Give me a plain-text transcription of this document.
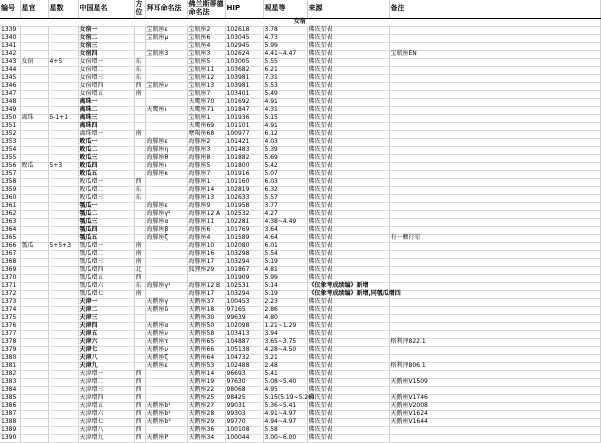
编号	星官	星数	中国星名	方位	拜耳命名法	佛兰斯蒂德命名法	HIP	视星等	来源	备注
女宿										
1339			女宿一		宝瓶座ε	宝瓶座2	102618	3.78	佛氏星表	
1340			女宿二		宝瓶座μ	宝瓶座6	103045	4.73	佛氏星表	
1341			女宿三			宝瓶座4	102945	5.99	佛氏星表	
1342			女宿四		宝瓶座3	宝瓶座3	102624	4.41~4.47	佛氏星表	宝瓶座EN
1343	女宿	4+5	女宿增一	东		宝瓶座5	103005	5.55	佛氏星表	
1344			女宿增二	东		宝瓶座11	103682	6.21	佛氏星表	
1345			女宿增三	东		宝瓶座12	103981	7.31	佛氏星表	
1346			女宿增四	西	宝瓶座ν	宝瓶座13	103981	5.53	佛氏星表	
1347			女宿增五	南		宝瓶座7	103401	5.49	佛氏星表	
1348			离珠一			天鹰座70	101692	4.91	佛氏星表	
1349			离珠二		天鹰座ι	天鹰座71	101847	4.31	佛氏星表	
1350	离珠	5-1+1	离珠三			宝瓶座1	101936	5.15	佛氏星表	
1351			离珠四			天鹰座69	101101	4.91	佛氏星表	
1352			离珠增一	南		摩羯座68	100977	6.12	佛氏星表	
1353			败瓜一		海豚座ε	海豚座2	101421	4.03	佛氏星表	
1354			败瓜二		海豚座η	海豚座3	101483	5.39	佛氏星表	
1355			败瓜三		海豚座θ	海豚座8	101882	5.69	佛氏星表	
1356	败瓜	5+3	败瓜四		海豚座ι	海豚座5	101800	5.42	佛氏星表	
1357			败瓜五		海豚座κ	海豚座7	101916	5.07	佛氏星表	
1358			败瓜增一	西		海豚座1	101160	6.03	佛氏星表	
1359			败瓜增二	东		海豚座14	102819	6.32	佛氏星表	
1360			败瓜增三	东		海豚座13	102633	5.57	佛氏星表	
1361			瓠瓜一		海豚座ε	海豚座9	101958	3.77	佛氏星表	
1362			瓠瓜二		海豚座γ²	海豚座12 A	102532	4.27	佛氏星表	
1363			瓠瓜三		海豚座α	海豚座11	102281	4.38~4.49	佛氏星表	
1364			瓠瓜四		海豚座β	海豚座6	101769	3.64	佛氏星表	
1365			瓠瓜五		海豚座ζ	海豚座4	101589	4.64	佛氏星表	有一颗行星
1366	瓠瓜	5+5+3	瓠瓜增一	南		海豚座10	102080	6.01	佛氏星表	
1367			瓠瓜增二	南		海豚座16	103298	5.54	佛氏星表	
1368			瓠瓜增三	南		海豚座17	103294	5.19	佛氏星表	
1369			瓠瓜增四	北		狐狸座29	101867	4.81	佛氏星表	
1370			瓠瓜增五	西			101909	5.99	佛氏星表	
1371			瓠瓜增六	东	海豚座γ¹	海豚座12 B	102531	5.14	《仪象考成续编》新增	
1372			瓠瓜增七	南		海豚座17	103294	5.19	《仪象考成续编》新增,同瓠瓜增四	
1373			天津一		天鹅座γ	天鹅座37	100453	2.23	佛氏星表	
1374			天津二		天鹅座δ	天鹅座18	97165	2.86	佛氏星表	
1375			天津三			天鹅座30	99639	4.80	佛氏星表	
1376			天津四		天鹅座α	天鹅座50	102098	1.21~1.29	佛氏星表	
1377			天津五		天鹅座ν	天鹅座58	103413	3.94	佛氏星表	
1378			天津六		天鹅座τ	天鹅座65	104887	3.65~3.75	佛氏星表	格利泽822.1
1379			天津七		天鹅座υ	天鹅座66	105138	4.28~4.50	佛氏星表	
1380			天津八		天鹅座ζ	天鹅座64	104732	3.21	佛氏星表	
1381			天津九		天鹅座ε	天鹅座53	102488	2.48	佛氏星表	格利泽806.1
1382			天津增一	西		天鹅座14	96693	5.41	佛氏星表	
1383			天津增二	西		天鹅座19	97630	5.08~5.40	佛氏星表	天鹅座V1509
1384			天津增三	西		天鹅座22	98068	4.95	佛氏星表	
1385			天津增四	西		天鹅座25	98425	5.15(5.19~5.26)	佛氏星表	天鹅座V1746
1386			天津增五	西	天鹅座b¹	天鹅座27	99031	5.36~5.41	佛氏星表	天鹅座V2008
1387			天津增六	西	天鹅座b²	天鹅座28	99303	4.91~4.97	佛氏星表	天鹅座V1624
1388			天津增七	西	天鹅座b³	天鹅座29	99770	4.94~4.97	佛氏星表	天鹅座V1644
1389			天津增八	西		天鹅座36	100108	5.58	佛氏星表	
1390			天津增九	西	天鹅座P	天鹅座34	100044	3.00~6.00	佛氏星表	
